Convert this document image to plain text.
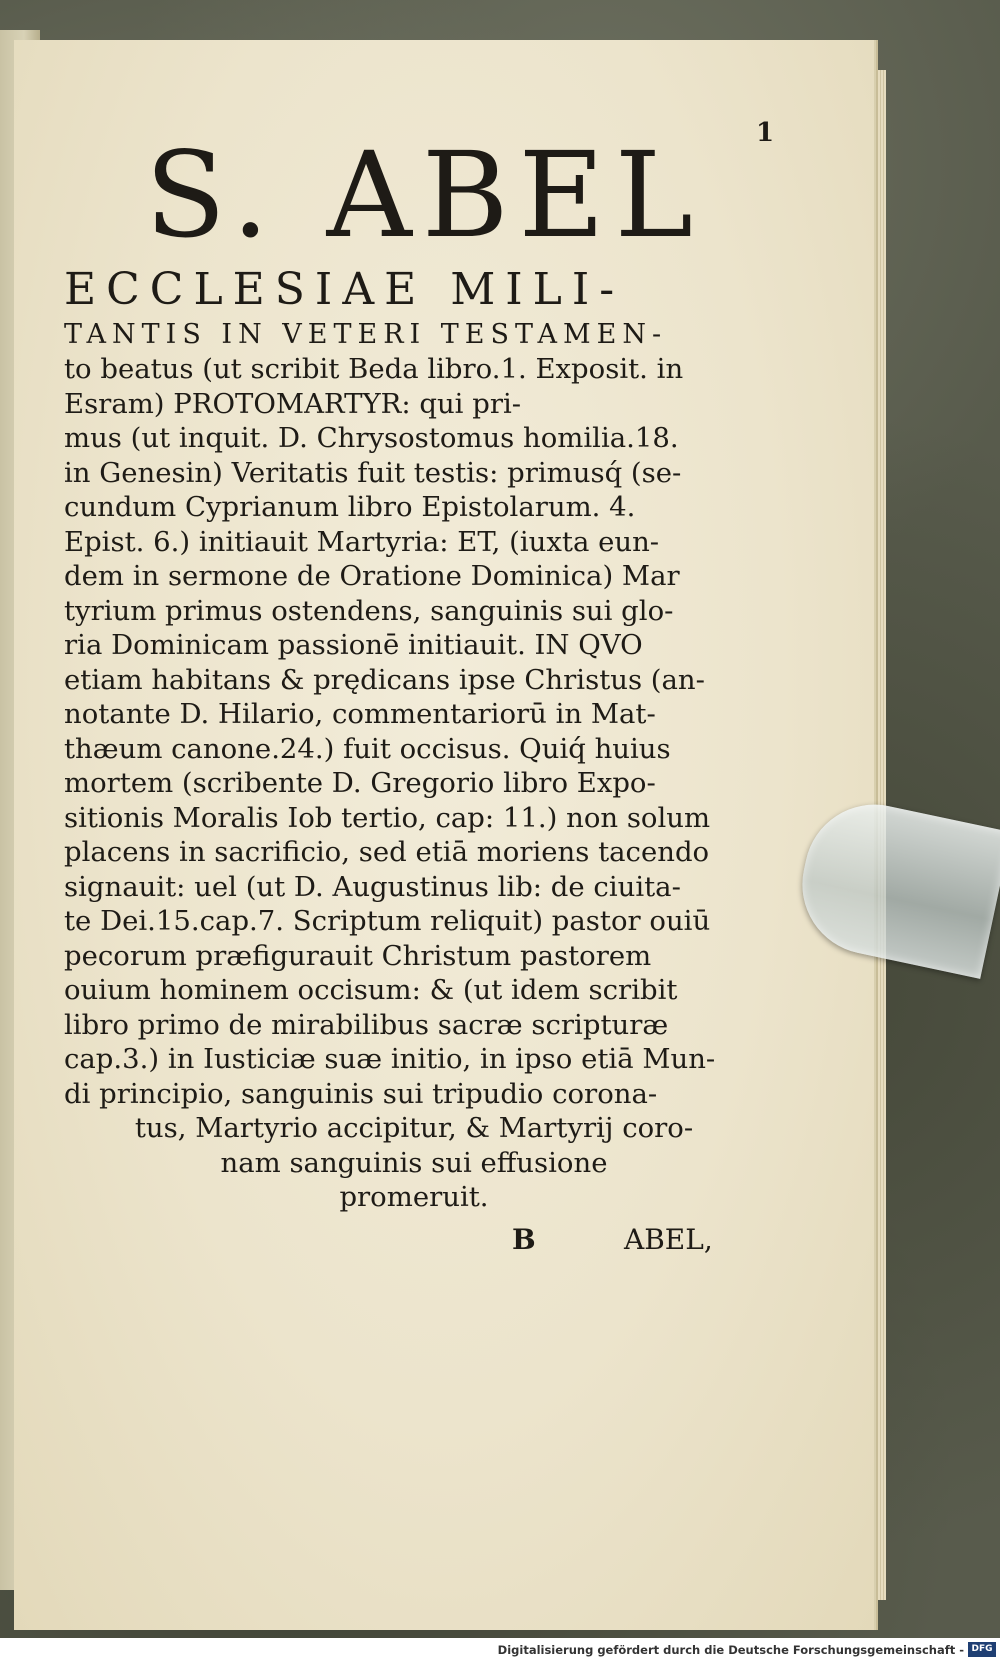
1
S. ABEL
ECCLESIAE MILI-
TANTIS IN VETERI TESTAMEN-
to beatus (ut scribit Beda libro.1. Exposit. in
Esram) PROTOMARTYR: qui pri-
mus (ut inquit. D. Chrysostomus homilia.18.
in Genesin) Veritatis fuit testis: primusq́ (se-
cundum Cyprianum libro Epistolarum. 4.
Epist. 6.) initiauit Martyria: ET, (iuxta eun-
dem in sermone de Oratione Dominica) Mar
tyrium primus ostendens, sanguinis sui glo-
ria Dominicam passionē initiauit. IN QVO
etiam habitans & prędicans ipse Christus (an-
notante D. Hilario, commentariorū in Mat-
thæum canone.24.) fuit occisus. Quiq́ huius
mortem (scribente D. Gregorio libro Expo-
sitionis Moralis Iob tertio, cap: 11.) non solum
placens in sacrificio, sed etiā moriens tacendo
signauit: uel (ut D. Augustinus lib: de ciuita-
te Dei.15.cap.7. Scriptum reliquit) pastor ouiū
pecorum præfigurauit Christum pastorem
ouium hominem occisum: & (ut idem scribit
libro primo de mirabilibus sacræ scripturæ
cap.3.) in Iusticiæ suæ initio, in ipso etiā Mun-
di principio, sanguinis sui tripudio corona-
tus, Martyrio accipitur, & Martyrij coro-
nam sanguinis sui effusione
promeruit.
B	ABEL,
Digitalisierung gefördert durch die Deutsche Forschungsgemeinschaft - DFG
